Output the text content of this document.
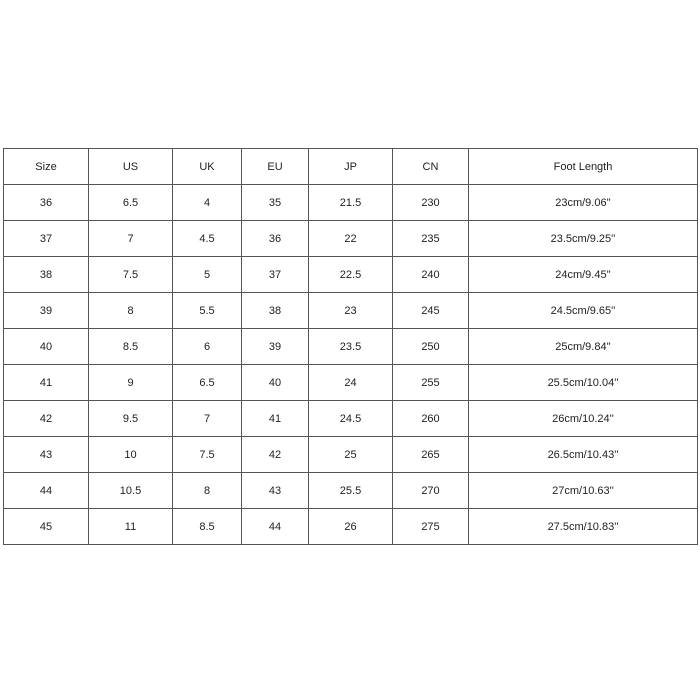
Size	US	UK	EU	JP	CN	Foot Length
36	6.5	4	35	21.5	230	23cm/9.06''
37	7	4.5	36	22	235	23.5cm/9.25''
38	7.5	5	37	22.5	240	24cm/9.45''
39	8	5.5	38	23	245	24.5cm/9.65''
40	8.5	6	39	23.5	250	25cm/9.84''
41	9	6.5	40	24	255	25.5cm/10.04''
42	9.5	7	41	24.5	260	26cm/10.24''
43	10	7.5	42	25	265	26.5cm/10.43''
44	10.5	8	43	25.5	270	27cm/10.63''
45	11	8.5	44	26	275	27.5cm/10.83''
